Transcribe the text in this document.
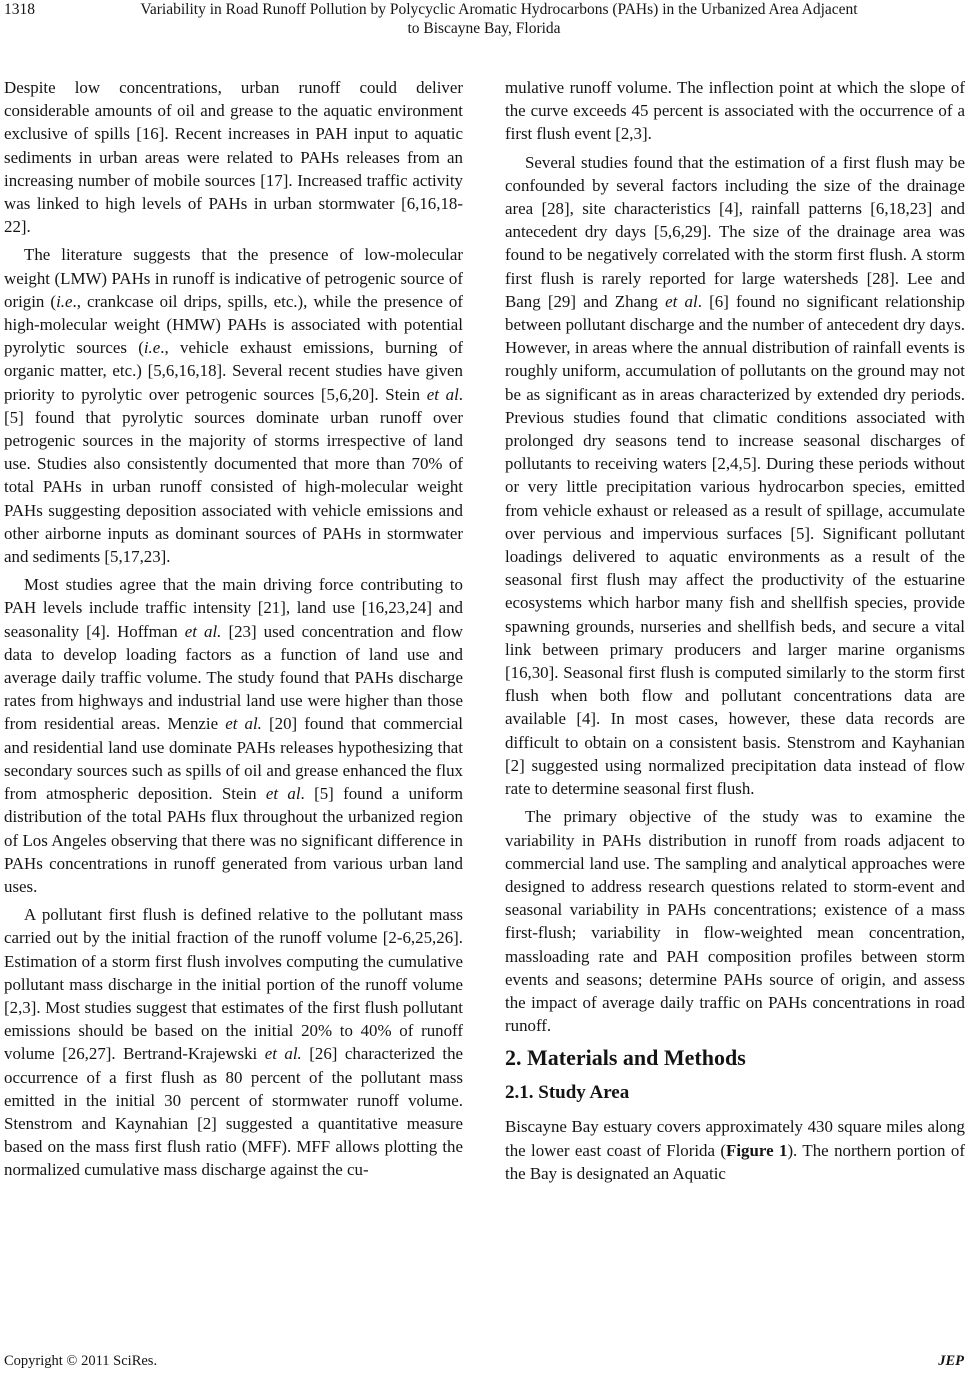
1318	Variability in Road Runoff Pollution by Polycyclic Aromatic Hydrocarbons (PAHs) in the Urbanized Area Adjacent
to Biscayne Bay, Florida

Despite low concentrations, urban runoff could deliver considerable amounts of oil and grease to the aquatic environment exclusive of spills [16]. Recent increases in PAH input to aquatic sediments in urban areas were related to PAHs releases from an increasing number of mobile sources [17]. Increased traffic activity was linked to high levels of PAHs in urban stormwater [6,16,18-22].

The literature suggests that the presence of low-molecular weight (LMW) PAHs in runoff is indicative of petrogenic source of origin (i.e., crankcase oil drips, spills, etc.), while the presence of high-molecular weight (HMW) PAHs is associated with potential pyrolytic sources (i.e., vehicle exhaust emissions, burning of organic matter, etc.) [5,6,16,18]. Several recent studies have given priority to pyrolytic over petrogenic sources [5,6,20]. Stein et al. [5] found that pyrolytic sources dominate urban runoff over petrogenic sources in the majority of storms irrespective of land use. Studies also consistently documented that more than 70% of total PAHs in urban runoff consisted of high-molecular weight PAHs suggesting deposition associated with vehicle emissions and other airborne inputs as dominant sources of PAHs in stormwater and sediments [5,17,23].

Most studies agree that the main driving force contributing to PAH levels include traffic intensity [21], land use [16,23,24] and seasonality [4]. Hoffman et al. [23] used concentration and flow data to develop loading factors as a function of land use and average daily traffic volume. The study found that PAHs discharge rates from highways and industrial land use were higher than those from residential areas. Menzie et al. [20] found that commercial and residential land use dominate PAHs releases hypothesizing that secondary sources such as spills of oil and grease enhanced the flux from atmospheric deposition. Stein et al. [5] found a uniform distribution of the total PAHs flux throughout the urbanized region of Los Angeles observing that there was no significant difference in PAHs concentrations in runoff generated from various urban land uses.

A pollutant first flush is defined relative to the pollutant mass carried out by the initial fraction of the runoff volume [2-6,25,26]. Estimation of a storm first flush involves computing the cumulative pollutant mass discharge in the initial portion of the runoff volume [2,3]. Most studies suggest that estimates of the first flush pollutant emissions should be based on the initial 20% to 40% of runoff volume [26,27]. Bertrand-Krajewski et al. [26] characterized the occurrence of a first flush as 80 percent of the pollutant mass emitted in the initial 30 percent of stormwater runoff volume. Stenstrom and Kaynahian [2] suggested a quantitative measure based on the mass first flush ratio (MFF). MFF allows plotting the normalized cumulative mass discharge against the cu-

mulative runoff volume. The inflection point at which the slope of the curve exceeds 45 percent is associated with the occurrence of a first flush event [2,3].

Several studies found that the estimation of a first flush may be confounded by several factors including the size of the drainage area [28], site characteristics [4], rainfall patterns [6,18,23] and antecedent dry days [5,6,29]. The size of the drainage area was found to be negatively correlated with the storm first flush. A storm first flush is rarely reported for large watersheds [28]. Lee and Bang [29] and Zhang et al. [6] found no significant relationship between pollutant discharge and the number of antecedent dry days. However, in areas where the annual distribution of rainfall events is roughly uniform, accumulation of pollutants on the ground may not be as significant as in areas characterized by extended dry periods. Previous studies found that climatic conditions associated with prolonged dry seasons tend to increase seasonal discharges of pollutants to receiving waters [2,4,5]. During these periods without or very little precipitation various hydrocarbon species, emitted from vehicle exhaust or released as a result of spillage, accumulate over pervious and impervious surfaces [5]. Significant pollutant loadings delivered to aquatic environments as a result of the seasonal first flush may affect the productivity of the estuarine ecosystems which harbor many fish and shellfish species, provide spawning grounds, nurseries and shellfish beds, and secure a vital link between primary producers and larger marine organisms [16,30]. Seasonal first flush is computed similarly to the storm first flush when both flow and pollutant concentrations data are available [4]. In most cases, however, these data records are difficult to obtain on a consistent basis. Stenstrom and Kayhanian [2] suggested using normalized precipitation data instead of flow rate to determine seasonal first flush.

The primary objective of the study was to examine the variability in PAHs distribution in runoff from roads adjacent to commercial land use. The sampling and analytical approaches were designed to address research questions related to storm-event and seasonal variability in PAHs concentrations; existence of a mass first-flush; variability in flow-weighted mean concentration, massloading rate and PAH composition profiles between storm events and seasons; determine PAHs source of origin, and assess the impact of average daily traffic on PAHs concentrations in road runoff.

2. Materials and Methods
2.1. Study Area

Biscayne Bay estuary covers approximately 430 square miles along the lower east coast of Florida (Figure 1). The northern portion of the Bay is designated an Aquatic

Copyright © 2011 SciRes.	JEP
